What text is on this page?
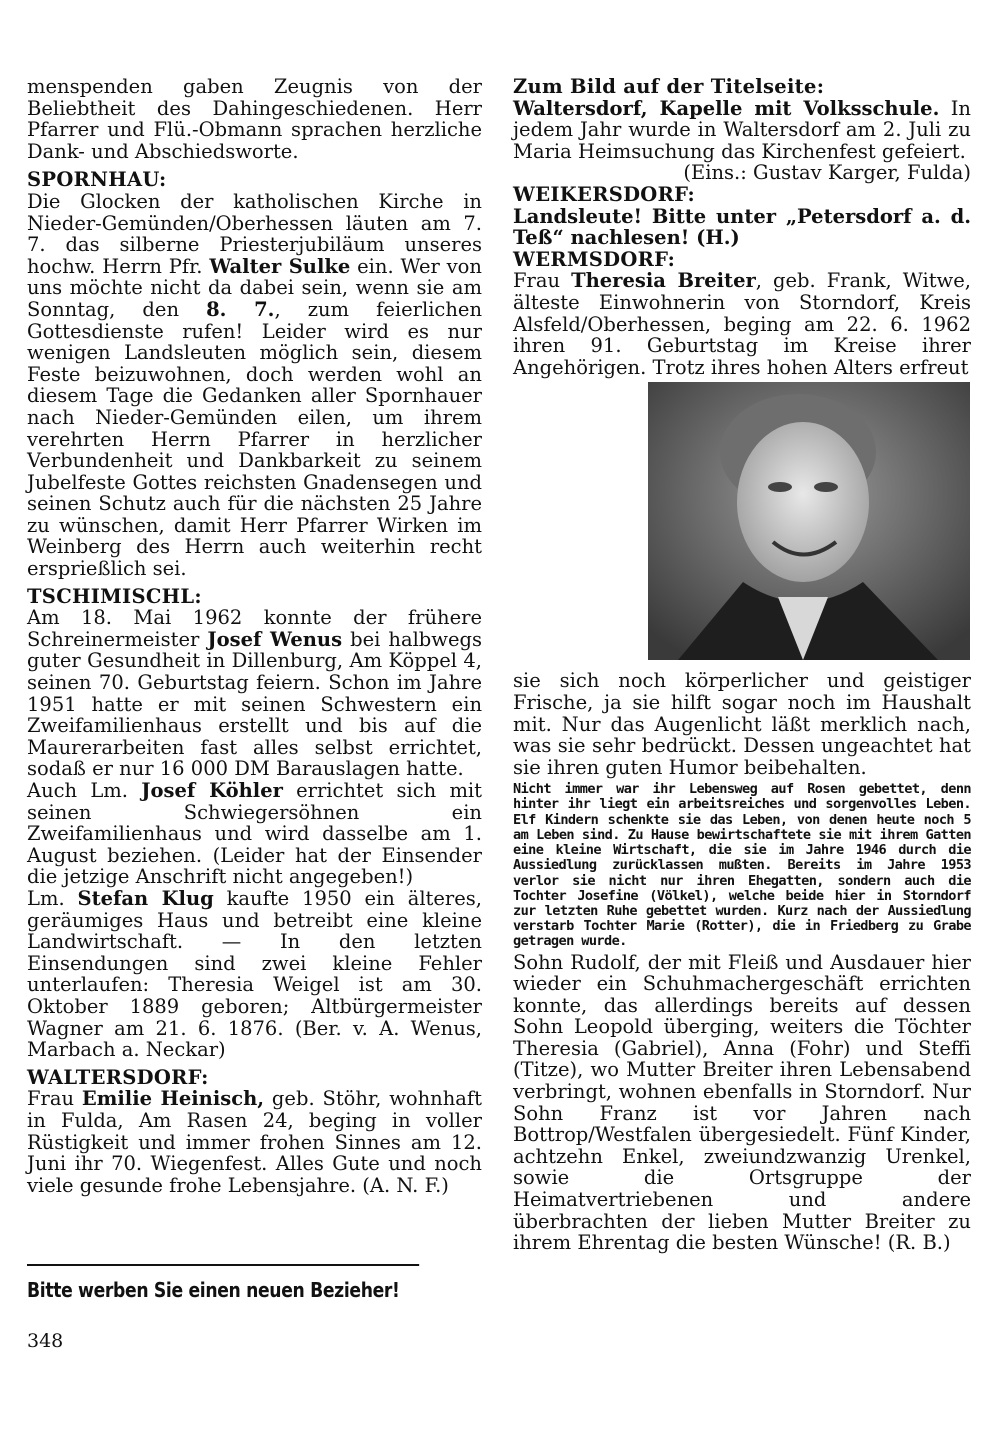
menspenden gaben Zeugnis von der Beliebtheit des Dahingeschiedenen. Herr Pfarrer und Flü.-Obmann sprachen herzliche Dank- und Abschiedsworte.

SPORNHAU:

Die Glocken der katholischen Kirche in Nieder-Gemünden/Oberhessen läuten am 7. 7. das silberne Priesterjubiläum unseres hochw. Herrn Pfr. Walter Sulke ein. Wer von uns möchte nicht da dabei sein, wenn sie am Sonntag, den 8. 7., zum feierlichen Gottesdienste rufen! Leider wird es nur wenigen Landsleuten möglich sein, diesem Feste beizuwohnen, doch werden wohl an diesem Tage die Gedanken aller Spornhauer nach Nieder-Gemünden eilen, um ihrem verehrten Herrn Pfarrer in herzlicher Verbundenheit und Dankbarkeit zu seinem Jubelfeste Gottes reichsten Gnadensegen und seinen Schutz auch für die nächsten 25 Jahre zu wünschen, damit Herr Pfarrer Wirken im Weinberg des Herrn auch weiterhin recht ersprießlich sei.

TSCHIMISCHL:

Am 18. Mai 1962 konnte der frühere Schreinermeister Josef Wenus bei halbwegs guter Gesundheit in Dillenburg, Am Köppel 4, seinen 70. Geburtstag feiern. Schon im Jahre 1951 hatte er mit seinen Schwestern ein Zweifamilienhaus erstellt und bis auf die Maurerarbeiten fast alles selbst errichtet, sodaß er nur 16 000 DM Barauslagen hatte.

Auch Lm. Josef Köhler errichtet sich mit seinen Schwiegersöhnen ein Zweifamilienhaus und wird dasselbe am 1. August beziehen. (Leider hat der Einsender die jetzige Anschrift nicht angegeben!)

Lm. Stefan Klug kaufte 1950 ein älteres, geräumiges Haus und betreibt eine kleine Landwirtschaft. — In den letzten Einsendungen sind zwei kleine Fehler unterlaufen: Theresia Weigel ist am 30. Oktober 1889 geboren; Altbürgermeister Wagner am 21. 6. 1876. (Ber. v. A. Wenus, Marbach a. Neckar)

WALTERSDORF:

Frau Emilie Heinisch, geb. Stöhr, wohnhaft in Fulda, Am Rasen 24, beging in voller Rüstigkeit und immer frohen Sinnes am 12. Juni ihr 70. Wiegenfest. Alles Gute und noch viele gesunde frohe Lebensjahre. (A. N. F.)

Zum Bild auf der Titelseite:

Waltersdorf, Kapelle mit Volksschule. In jedem Jahr wurde in Waltersdorf am 2. Juli zu Maria Heimsuchung das Kirchenfest gefeiert.
(Eins.: Gustav Karger, Fulda)

WEIKERSDORF:

Landsleute! Bitte unter „Petersdorf a. d. Teß“ nachlesen! (H.)

WERMSDORF:

Frau Theresia Breiter, geb. Frank, Witwe, älteste Einwohnerin von Storndorf, Kreis Alsfeld/Oberhessen, beging am 22. 6. 1962 ihren 91. Geburtstag im Kreise ihrer Angehörigen. Trotz ihres hohen Alters erfreut

sie sich noch körperlicher und geistiger Frische, ja sie hilft sogar noch im Haushalt mit. Nur das Augenlicht läßt merklich nach, was sie sehr bedrückt. Dessen ungeachtet hat sie ihren guten Humor beibehalten.

Nicht immer war ihr Lebensweg auf Rosen gebettet, denn hinter ihr liegt ein arbeitsreiches und sorgenvolles Leben. Elf Kindern schenkte sie das Leben, von denen heute noch 5 am Leben sind. Zu Hause bewirtschaftete sie mit ihrem Gatten eine kleine Wirtschaft, die sie im Jahre 1946 durch die Aussiedlung zurücklassen mußten. Bereits im Jahre 1953 verlor sie nicht nur ihren Ehegatten, sondern auch die Tochter Josefine (Völkel), welche beide hier in Storndorf zur letzten Ruhe gebettet wurden. Kurz nach der Aussiedlung verstarb Tochter Marie (Rotter), die in Friedberg zu Grabe getragen wurde.

Sohn Rudolf, der mit Fleiß und Ausdauer hier wieder ein Schuhmachergeschäft errichten konnte, das allerdings bereits auf dessen Sohn Leopold überging, weiters die Töchter Theresia (Gabriel), Anna (Fohr) und Steffi (Titze), wo Mutter Breiter ihren Lebensabend verbringt, wohnen ebenfalls in Storndorf. Nur Sohn Franz ist vor Jahren nach Bottrop/Westfalen übergesiedelt. Fünf Kinder, achtzehn Enkel, zweiundzwanzig Urenkel, sowie die Ortsgruppe der Heimatvertriebenen und andere überbrachten der lieben Mutter Breiter zu ihrem Ehrentag die besten Wünsche! (R. B.)

Bitte werben Sie einen neuen Bezieher!
348
